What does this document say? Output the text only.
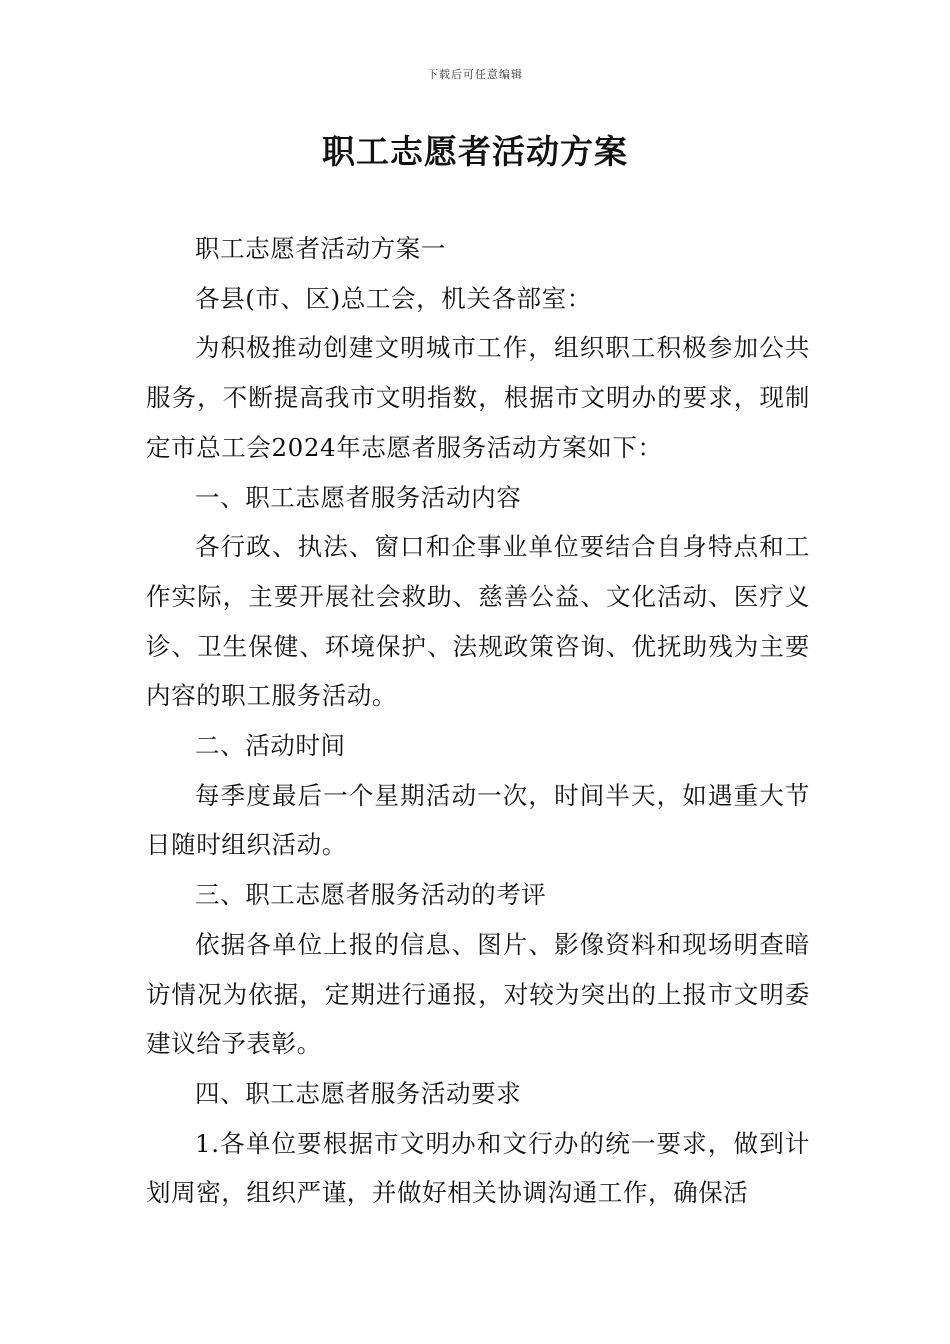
下载后可任意编辑
职工志愿者活动方案

职工志愿者活动方案一

各县(市、区)总工会，机关各部室：

为积极推动创建文明城市工作，组织职工积极参加公共服务，不断提高我市文明指数，根据市文明办的要求，现制定市总工会2024年志愿者服务活动方案如下：

一、职工志愿者服务活动内容

各行政、执法、窗口和企事业单位要结合自身特点和工作实际，主要开展社会救助、慈善公益、文化活动、医疗义诊、卫生保健、环境保护、法规政策咨询、优抚助残为主要内容的职工服务活动。

二、活动时间

每季度最后一个星期活动一次，时间半天，如遇重大节日随时组织活动。

三、职工志愿者服务活动的考评

依据各单位上报的信息、图片、影像资料和现场明查暗访情况为依据，定期进行通报，对较为突出的上报市文明委建议给予表彰。

四、职工志愿者服务活动要求

1.各单位要根据市文明办和文行办的统一要求，做到计划周密，组织严谨，并做好相关协调沟通工作，确保活
